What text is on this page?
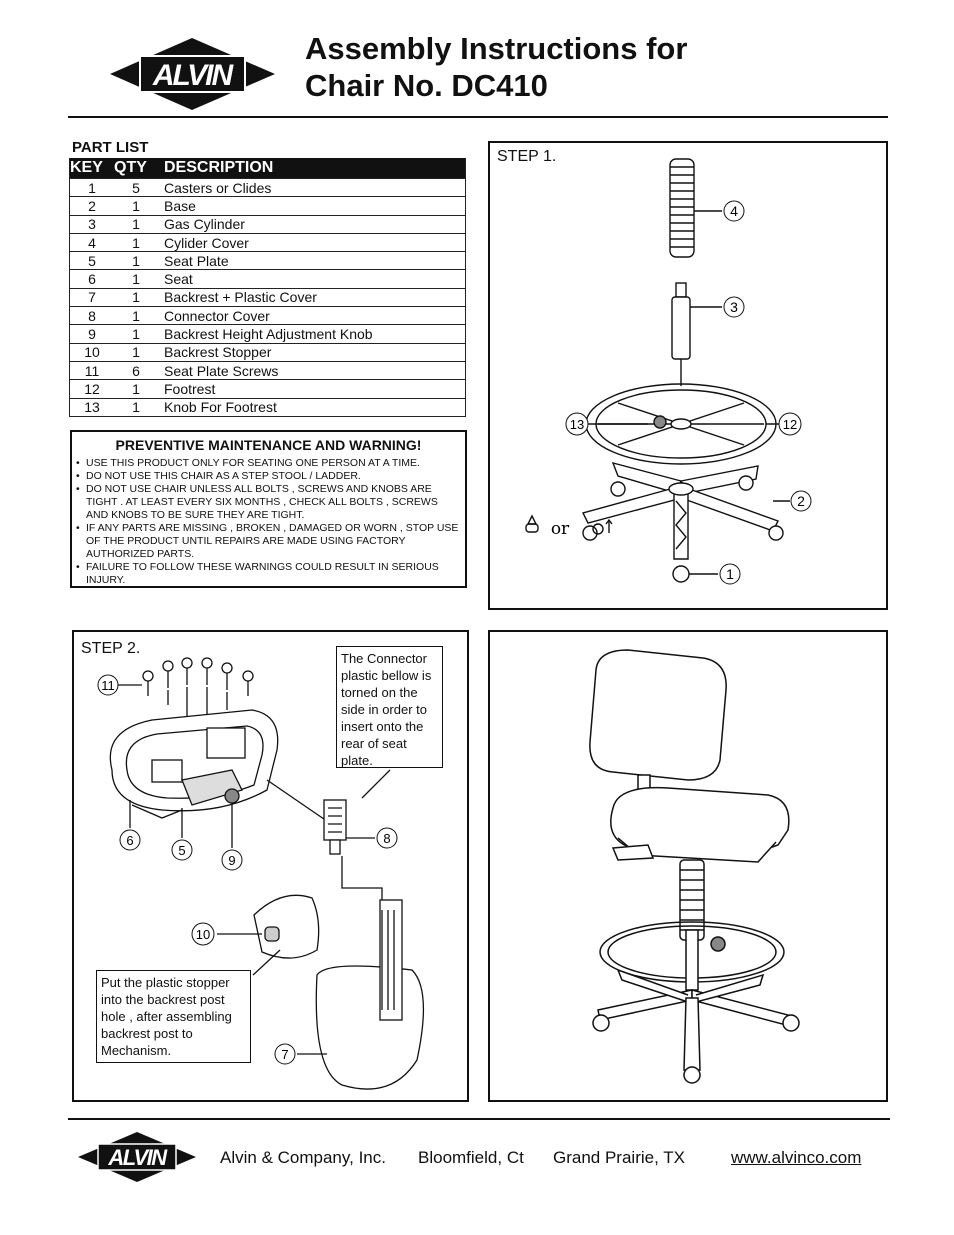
ALVIN
Assembly Instructions for
Chair No. DC410
PART LIST
KEY	QTY	DESCRIPTION
1	5	Casters or Clides
2	1	Base
3	1	Gas Cylinder
4	1	Cylider Cover
5	1	Seat Plate
6	1	Seat
7	1	Backrest + Plastic Cover
8	1	Connector Cover
9	1	Backrest Height Adjustment Knob
10	1	Backrest Stopper
11	6	Seat Plate Screws
12	1	Footrest
13	1	Knob For Footrest
PREVENTIVE MAINTENANCE AND WARNING!
• USE THIS PRODUCT ONLY FOR SEATING ONE PERSON AT A TIME.
• DO NOT USE THIS CHAIR AS A STEP STOOL / LADDER.
• DO NOT USE CHAIR UNLESS ALL BOLTS , SCREWS AND KNOBS ARE TIGHT . AT LEAST EVERY SIX MONTHS , CHECK ALL BOLTS , SCREWS AND KNOBS TO BE SURE THEY ARE TIGHT.
• IF ANY PARTS ARE MISSING , BROKEN , DAMAGED OR WORN , STOP USE OF THE PRODUCT UNTIL REPAIRS ARE MADE USING FACTORY AUTHORIZED PARTS.
• FAILURE TO FOLLOW THESE WARNINGS COULD RESULT IN SERIOUS INJURY.
STEP 1.
4
3
13	12
2
1
or
STEP 2.
11
6
5
9
8
10
7
The Connector plastic bellow is torned on the side in order to insert onto the rear of seat plate.
Put the plastic stopper into the backrest post hole , after assembling backrest post to Mechanism.
ALVIN	Alvin & Company, Inc. Bloomfield, Ct Grand Prairie, TX	www.alvinco.com
